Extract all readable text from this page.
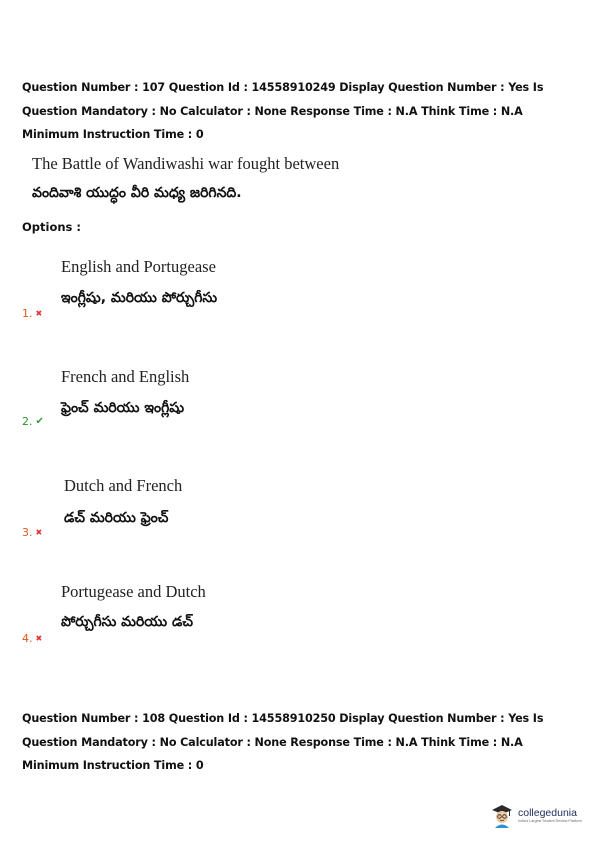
Question Number : 107 Question Id : 14558910249 Display Question Number : Yes Is Question Mandatory : No Calculator : None Response Time : N.A Think Time : N.A Minimum Instruction Time : 0
The Battle of Wandiwashi war fought between
వందివాశి యుద్ధం వీరి మధ్య జరిగినది.
Options :
English and Portugease
ఇంగ్లీషు, మరియు పోర్చుగీసు
1. ✖
French and English
ఫ్రెంచ్ మరియు ఇంగ్లీషు
2. ✔
Dutch and French
డచ్ మరియు ఫ్రెంచ్
3. ✖
Portugease and Dutch
పోర్చుగీసు మరియు డచ్
4. ✖
Question Number : 108 Question Id : 14558910250 Display Question Number : Yes Is Question Mandatory : No Calculator : None Response Time : N.A Think Time : N.A Minimum Instruction Time : 0
collegedunia
India's Largest Student Review Platform
